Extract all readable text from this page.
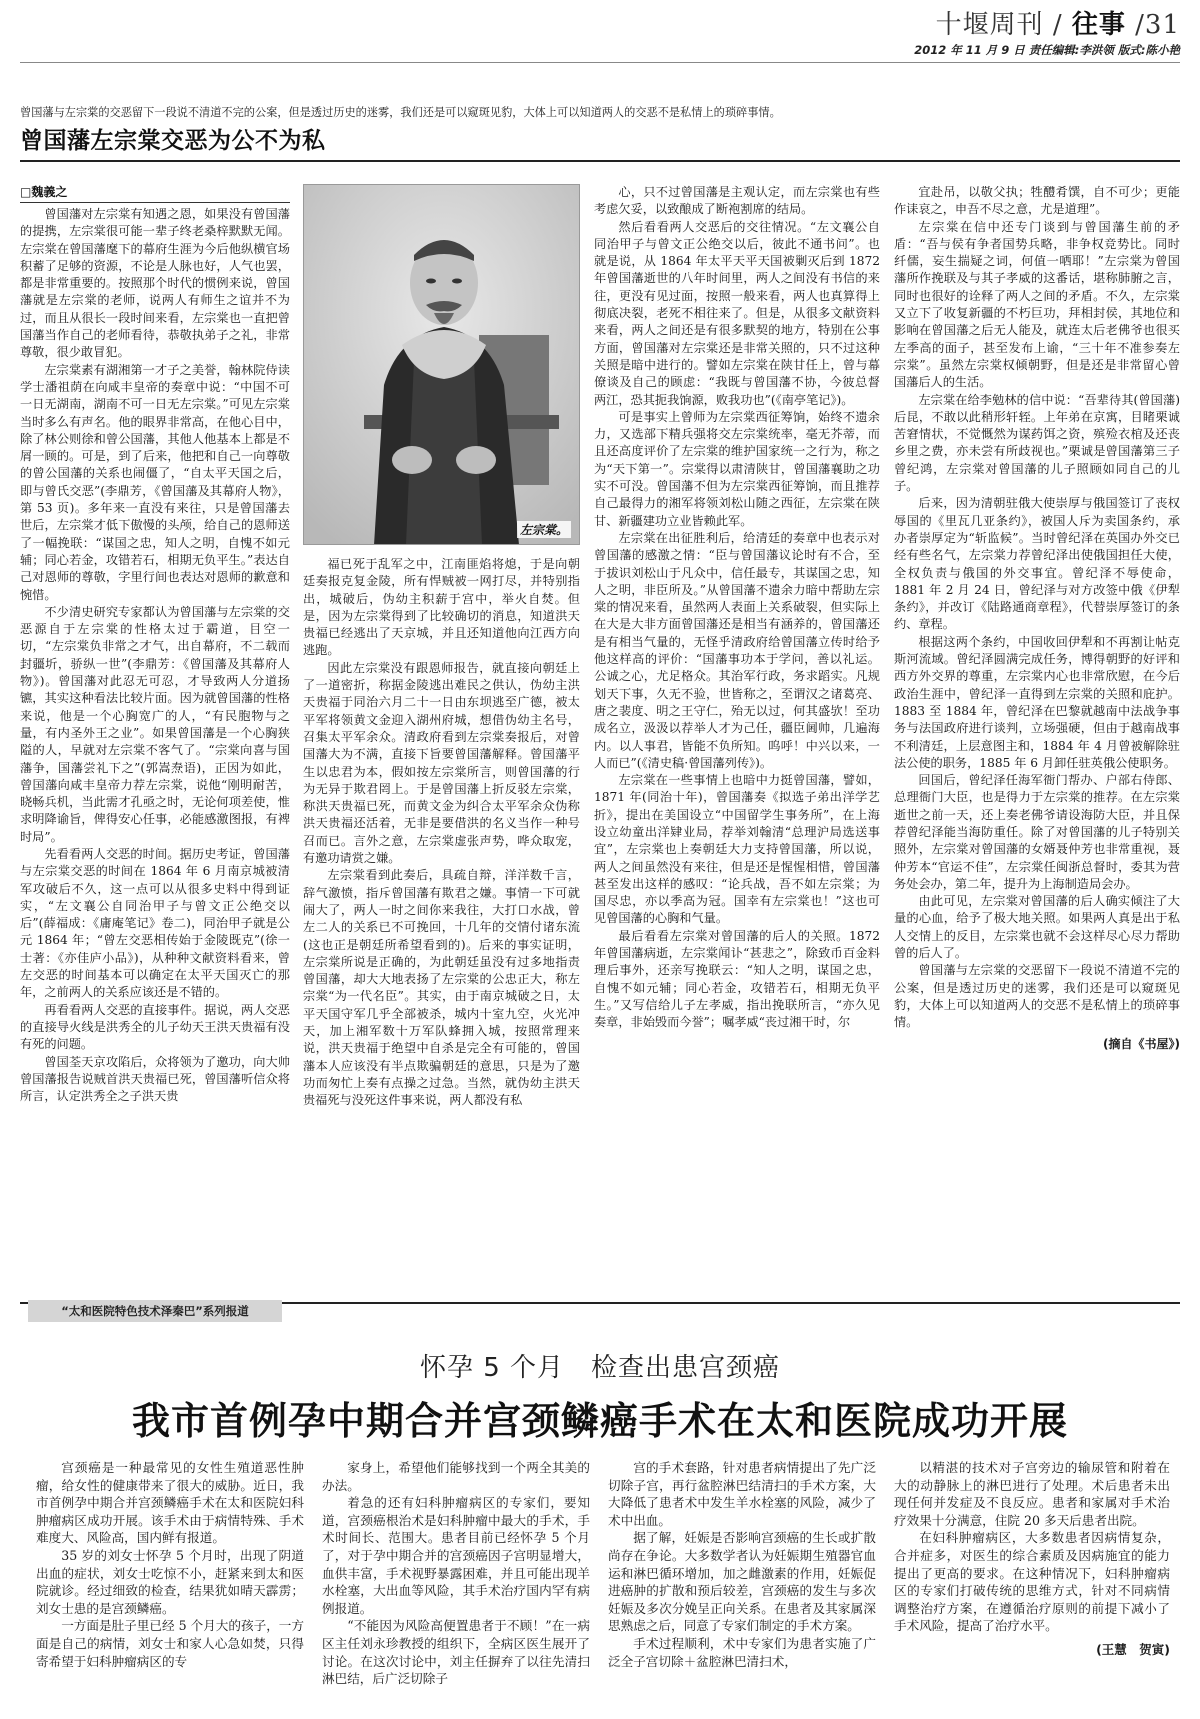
十堰周刊 / 往事 /31
2012 年 11 月 9 日 责任编辑:李洪领 版式:陈小艳
曾国藩与左宗棠的交恶留下一段说不清道不完的公案，但是透过历史的迷雾，我们还是可以窥斑见豹，大体上可以知道两人的交恶不是私情上的琐碎事情。
曾国藩左宗棠交恶为公不为私
□魏義之

曾国藩对左宗棠有知遇之恩，如果没有曾国藩的提携，左宗棠很可能一辈子终老桑梓默默无闻。左宗棠在曾国藩麾下的幕府生涯为今后他纵横官场积蓄了足够的资源，不论是人脉也好，人气也罢，都是非常重要的。按照那个时代的惯例来说，曾国藩就是左宗棠的老师，说两人有师生之谊并不为过，而且从很长一段时间来看，左宗棠也一直把曾国藩当作自己的老师看待，恭敬执弟子之礼，非常尊敬，很少敢冒犯。

左宗棠素有湖湘第一才子之美誉，翰林院侍读学士潘祖荫在向咸丰皇帝的奏章中说：“中国不可一日无湖南，湖南不可一日无左宗棠。”可见左宗棠当时多么有声名。他的眼界非常高，在他心目中，除了林公则徐和曾公国藩，其他人他基本上都是不屑一顾的。可是，到了后来，他把和自己一向尊敬的曾公国藩的关系也闹僵了，“自太平天国之后，即与曾氏交恶”(李鼎芳，《曾国藩及其幕府人物》，第 53 页)。多年来一直没有来往，只是曾国藩去世后，左宗棠才低下傲慢的头颅，给自己的恩师送了一幅挽联：“谋国之忠，知人之明，自愧不如元辅；同心若金，攻错若石，相期无负平生。”表达自己对恩师的尊敬，字里行间也表达对恩师的歉意和惋惜。

不少清史研究专家都认为曾国藩与左宗棠的交恶源自于左宗棠的性格太过于霸道，目空一切，“左宗棠负非常之才气，出自幕府，不二载而封疆圻，骄纵一世”(李鼎芳：《曾国藩及其幕府人物》)。曾国藩对此忍无可忍，才导致两人分道扬镳，其实这种看法比较片面。因为就曾国藩的性格来说，他是一个心胸宽广的人，“有民胞物与之量，有内圣外王之业”。如果曾国藩是一个心胸狭隘的人，早就对左宗棠不客气了。“宗棠向喜与国藩争，国藩尝礼下之”(郭嵩焘语)，正因为如此，曾国藩向咸丰皇帝力荐左宗棠，说他“刚明耐苦，晓畅兵机，当此需才孔亟之时，无论何项差使，惟求明降谕旨，俾得安心任事，必能感激图报，有裨时局”。

先看看两人交恶的时间。据历史考证，曾国藩与左宗棠交恶的时间在 1864 年 6 月南京城被清军攻破后不久，这一点可以从很多史料中得到证实，“左文襄公自同治甲子与曾文正公绝交以后”(薛福成：《庸庵笔记》卷二)，同治甲子就是公元 1864 年；“曾左交恶相传始于金陵既克”(徐一士著：《亦佳庐小品》)，从种种文献资料看来，曾左交恶的时间基本可以确定在太平天国灭亡的那年，之前两人的关系应该还是不错的。

再看看两人交恶的直接事件。据说，两人交恶的直接导火线是洪秀全的儿子幼天王洪天贵福有没有死的问题。

曾国荃天京攻陷后，众将领为了邀功，向大帅曾国藩报告说贼首洪天贵福已死，曾国藩听信众将所言，认定洪秀全之子洪天贵

左宗棠。

福已死于乱军之中，江南匪焰将熄，于是向朝廷奏报克复金陵，所有悍贼被一网打尽，并特别指出，城破后，伪幼主积薪于宫中，举火自焚。但是，因为左宗棠得到了比较确切的消息，知道洪天贵福已经逃出了天京城，并且还知道他向江西方向逃跑。

因此左宗棠没有跟恩师报告，就直接向朝廷上了一道密折，称据金陵逃出难民之供认，伪幼主洪天贵福于同治六月二十一日由东坝逃至广德，被太平军将领黄文金迎入湖州府城，想借伪幼主名号，召集太平军余众。清政府看到左宗棠奏报后，对曾国藩大为不满，直接下旨要曾国藩解释。曾国藩平生以忠君为本，假如按左宗棠所言，则曾国藩的行为无异于欺君罔上。于是曾国藩上折反驳左宗棠，称洪天贵福已死，而黄文金为纠合太平军余众伪称洪天贵福还活着，无非是要借洪的名义当作一种号召而已。言外之意，左宗棠虚张声势，哗众取宠，有邀功请赏之嫌。

左宗棠看到此奏后，具疏自辩，洋洋数千言，辞气激愤，指斥曾国藩有欺君之嫌。事情一下可就闹大了，两人一时之间你来我往，大打口水战，曾左二人的关系已不可挽回，十几年的交情付诸东流(这也正是朝廷所希望看到的)。后来的事实证明，左宗棠所说是正确的，为此朝廷虽没有过多地指责曾国藩，却大大地表扬了左宗棠的公忠正大，称左宗棠“为一代名臣”。其实，由于南京城破之日，太平天国守军几乎全部被杀，城内十室九空，火光冲天，加上湘军数十万军队蜂拥入城，按照常理来说，洪天贵福于绝望中自杀是完全有可能的，曾国藩本人应该没有半点欺骗朝廷的意思，只是为了邀功而匆忙上奏有点操之过急。当然，就伪幼主洪天贵福死与没死这件事来说，两人都没有私

心，只不过曾国藩是主观认定，而左宗棠也有些考虑欠妥，以致酿成了断袍割席的结局。

然后看看两人交恶后的交往情况。“左文襄公自同治甲子与曾文正公绝交以后，彼此不通书问”。也就是说，从 1864 年太平天平天国被剿灭后到 1872 年曾国藩逝世的八年时间里，两人之间没有书信的来往，更没有见过面，按照一般来看，两人也真算得上彻底决裂，老死不相往来了。但是，从很多文献资料来看，两人之间还是有很多默契的地方，特别在公事方面，曾国藩对左宗棠还是非常关照的，只不过这种关照是暗中进行的。譬如左宗棠在陕甘任上，曾与幕僚谈及自己的顾虑：“我既与曾国藩不协，今彼总督两江，恐其扼我饷源，败我功也”(《南亭笔记》)。

可是事实上曾师为左宗棠西征筹饷，始终不遗余力，又选部下精兵强将交左宗棠统率，毫无芥蒂，而且还高度评价了左宗棠的维护国家统一之行为，称之为“天下第一”。宗棠得以肃清陕甘，曾国藩襄助之功实不可没。曾国藩不但为左宗棠西征筹饷，而且推荐自己最得力的湘军将领刘松山随之西征，左宗棠在陕甘、新疆建功立业皆赖此军。

左宗棠在出征胜利后，给清廷的奏章中也表示对曾国藩的感激之情：“臣与曾国藩议论时有不合，至于拔识刘松山于凡众中，信任最专，其谋国之忠，知人之明，非臣所及。”从曾国藩不遗余力暗中帮助左宗棠的情况来看，虽然两人表面上关系破裂，但实际上在大是大非方面曾国藩还是相当有涵养的，曾国藩还是有相当气量的，无怪乎清政府给曾国藩立传时给予他这样高的评价：“国藩事功本于学问，善以礼运。公诚之心，尤足格众。其治军行政，务求蹈实。凡规划天下事，久无不验，世皆称之，至谓汉之诸葛亮、唐之裴度、明之王守仁，殆无以过，何其盛欤！至功成名立，汲汲以荐举人才为己任，疆臣阃帅，几遍海内。以人事君，皆能不负所知。呜呼！中兴以来，一人而已”(《清史稿·曾国藩列传》)。

左宗棠在一些事情上也暗中力挺曾国藩，譬如，1871 年(同治十年)，曾国藩奏《拟选子弟出洋学艺折》，提出在美国设立“中国留学生事务所”，在上海设立幼童出洋肄业局，荐举刘翰清“总理沪局选送事宜”，左宗棠也上奏朝廷大力支持曾国藩，所以说，两人之间虽然没有来往，但是还是惺惺相惜，曾国藩甚至发出这样的感叹：“论兵战，吾不如左宗棠；为国尽忠，亦以季高为冠。国幸有左宗棠也！”这也可见曾国藩的心胸和气量。

最后看看左宗棠对曾国藩的后人的关照。1872 年曾国藩病逝，左宗棠闻讣“甚悲之”，除致币百金料理后事外，还亲写挽联云：“知人之明，谋国之忠，自愧不如元辅；同心若金，攻错若石，相期无负平生。”又写信给儿子左孝威，指出挽联所言，“亦久见奏章，非始毁而今誉”；嘱孝威“丧过湘干时，尔

宜赴吊，以敬父执；牲醴肴馔，自不可少；更能作诔哀之，申吾不尽之意，尤是道理”。

左宗棠在信中还专门谈到与曾国藩生前的矛盾：“吾与侯有争者国势兵略，非争权竞势比。同时纤儒，妄生揣疑之词，何值一哂耶！”左宗棠为曾国藩所作挽联及与其子孝威的这番话，堪称肺腑之言，同时也很好的诠释了两人之间的矛盾。不久，左宗棠又立下了收复新疆的不朽巨功，拜相封侯，其地位和影响在曾国藩之后无人能及，就连太后老佛爷也很买左季高的面子，甚至发布上谕，“三十年不准参奏左宗棠”。虽然左宗棠权倾朝野，但是还是非常留心曾国藩后人的生活。

左宗棠在给李勉林的信中说：“吾辈待其(曾国藩)后昆，不敢以此稍形轩轾。上年弟在京寓，目睹栗诚苦窘情状，不觉慨然为谋药饵之资，殡殓衣棺及还丧乡里之费，亦未尝有所歧视也。”栗诚是曾国藩第三子曾纪鸿，左宗棠对曾国藩的儿子照顾如同自己的儿子。

后来，因为清朝驻俄大使崇厚与俄国签订了丧权辱国的《里瓦几亚条约》，被国人斥为卖国条约，承办者崇厚定为“斩监候”。当时曾纪泽在英国办外交已经有些名气，左宗棠力荐曾纪泽出使俄国担任大使，全权负责与俄国的外交事宜。曾纪泽不辱使命，1881 年 2 月 24 日，曾纪泽与对方改签中俄《伊犁条约》，并改订《陆路通商章程》，代替崇厚签订的条约、章程。

根据这两个条约，中国收回伊犁和不再割让帖克斯河流域。曾纪泽圆满完成任务，博得朝野的好评和西方外交界的尊重，左宗棠内心也非常欣慰，在今后政治生涯中，曾纪泽一直得到左宗棠的关照和庇护。1883 至 1884 年，曾纪泽在巴黎就越南中法战争事务与法国政府进行谈判，立场强硬，但由于越南战事不利清廷，上层意图主和，1884 年 4 月曾被解除驻法公使的职务，1885 年 6 月卸任驻英俄公使职务。

回国后，曾纪泽任海军衙门帮办、户部右侍郎、总理衙门大臣，也是得力于左宗棠的推荐。在左宗棠逝世之前一天，还上奏老佛爷请设海防大臣，并且保荐曾纪泽能当海防重任。除了对曾国藩的儿子特别关照外，左宗棠对曾国藩的女婿聂仲芳也非常重视，聂仲芳本“官运不佳”，左宗棠任闽浙总督时，委其为营务处会办，第二年，提升为上海制造局会办。

由此可见，左宗棠对曾国藩的后人确实倾注了大量的心血，给予了极大地关照。如果两人真是出于私人交情上的反目，左宗棠也就不会这样尽心尽力帮助曾的后人了。

曾国藩与左宗棠的交恶留下一段说不清道不完的公案，但是透过历史的迷雾，我们还是可以窥斑见豹，大体上可以知道两人的交恶不是私情上的琐碎事情。

(摘自《书屋》)

“太和医院特色技术泽秦巴”系列报道
怀孕 5 个月　检查出患宫颈癌
我市首例孕中期合并宫颈鳞癌手术在太和医院成功开展

宫颈癌是一种最常见的女性生殖道恶性肿瘤，给女性的健康带来了很大的威胁。近日，我市首例孕中期合并宫颈鳞癌手术在太和医院妇科肿瘤病区成功开展。该手术由于病情特殊、手术难度大、风险高，国内鲜有报道。

35 岁的刘女士怀孕 5 个月时，出现了阴道出血的症状，刘女士吃惊不小，赶紧来到太和医院就诊。经过细致的检查，结果犹如晴天霹雳；刘女士患的是宫颈鳞癌。

一方面是肚子里已经 5 个月大的孩子，一方面是自己的病情，刘女士和家人心急如焚，只得寄希望于妇科肿瘤病区的专

家身上，希望他们能够找到一个两全其美的办法。

着急的还有妇科肿瘤病区的专家们，要知道，宫颈癌根治术是妇科肿瘤中最大的手术，手术时间长、范围大。患者目前已经怀孕 5 个月了，对于孕中期合并的宫颈癌因子宫明显增大，血供丰富，手术视野暴露困难，并且可能出现羊水栓塞，大出血等风险，其手术治疗国内罕有病例报道。

“不能因为风险高便置患者于不顾！”在一病区主任刘永珍教授的组织下，全病区医生展开了讨论。在这次讨论中，刘主任摒弃了以往先清扫淋巴结，后广泛切除子

宫的手术套路，针对患者病情提出了先广泛切除子宫，再行盆腔淋巴结清扫的手术方案，大大降低了患者术中发生羊水栓塞的风险，减少了术中出血。

据了解，妊娠是否影响宫颈癌的生长或扩散尚存在争论。大多数学者认为妊娠期生殖器官血运和淋巴循环增加，加之雌激素的作用，妊娠促进癌肿的扩散和预后较差，宫颈癌的发生与多次妊娠及多次分娩呈正向关系。在患者及其家属深思熟虑之后，同意了专家们制定的手术方案。

手术过程顺利，术中专家们为患者实施了广泛全子宫切除＋盆腔淋巴清扫术，

以精湛的技术对子宫旁边的输尿管和附着在大的动静脉上的淋巴进行了处理。术后患者未出现任何并发症及不良反应。患者和家属对手术治疗效果十分满意，住院 20 多天后患者出院。

在妇科肿瘤病区，大多数患者因病情复杂，合并症多，对医生的综合素质及因病施宜的能力提出了更高的要求。在这种情况下，妇科肿瘤病区的专家们打破传统的思维方式，针对不同病情调整治疗方案，在遵循治疗原则的前提下减小了手术风险，提高了治疗水平。

(王慧　贺寅)
